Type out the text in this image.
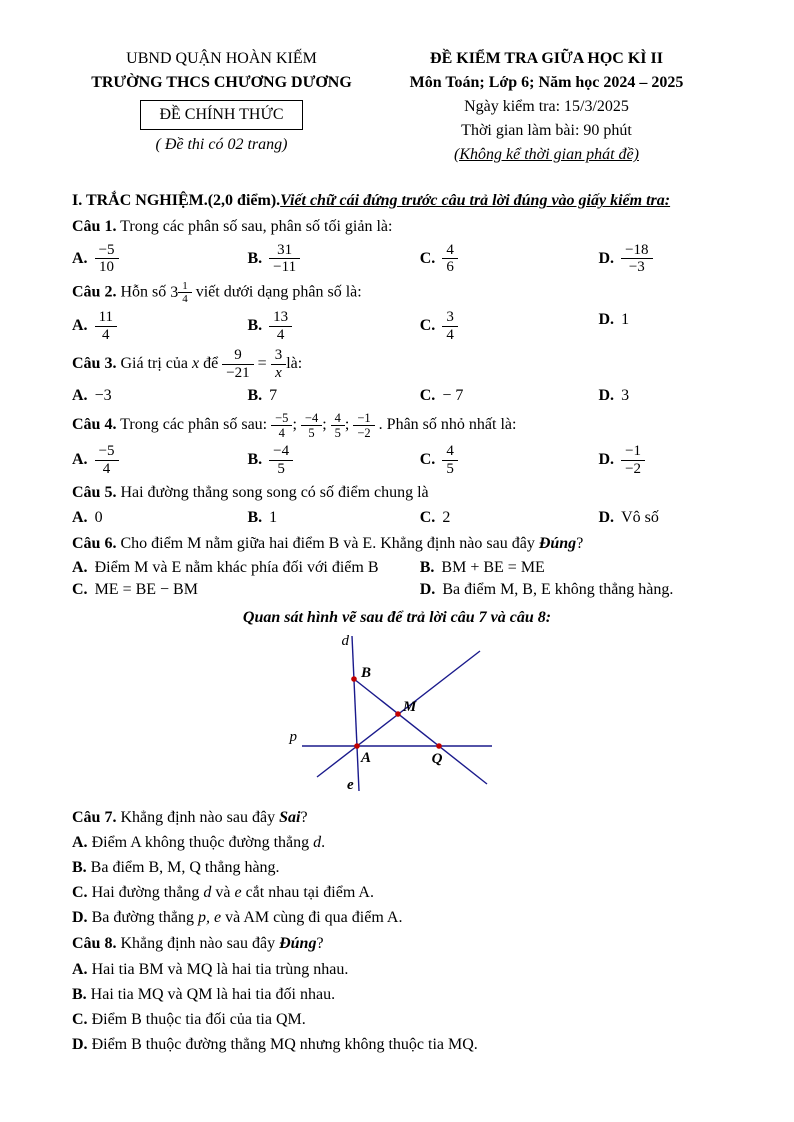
UBND QUẬN HOÀN KIẾM
TRƯỜNG THCS CHƯƠNG DƯƠNG
ĐỀ CHÍNH THỨC
( Đề thi có 02 trang)
ĐỀ KIỂM TRA GIỮA HỌC KÌ II
Môn Toán; Lớp 6; Năm học 2024 – 2025
Ngày kiểm tra: 15/3/2025
Thời gian làm bài: 90 phút
(Không kể thời gian phát đề)

I. TRẮC NGHIỆM.(2,0 điểm).Viết chữ cái đứng trước câu trả lời đúng vào giấy kiểm tra:

Câu 1. Trong các phân số sau, phân số tối giản là:

A. $\frac{-5}{10}$	B. $\frac{31}{-11}$	C. $\frac{4}{6}$	D. $\frac{-18}{-3}$

Câu 2. Hỗn số $3 \frac{1}{4}$ viết dưới dạng phân số là:

A. $\frac{11}{4}$	B. $\frac{13}{4}$	C. $\frac{3}{4}$	D. 1

Câu 3. Giá trị của x để $\frac{9}{-21} = \frac{3}{x}$ là:

A. −3	B. 7	C. − 7	D. 3

Câu 4. Trong các phân số sau: $\frac{-5}{4}$ ; $\frac{-4}{5}$ ; $\frac{4}{5}$ ; $\frac{-1}{-2}$ . Phân số nhỏ nhất là:

A. $\frac{-5}{4}$	B. $\frac{-4}{5}$	C. $\frac{4}{5}$	D. $\frac{-1}{-2}$

Câu 5. Hai đường thẳng song song có số điểm chung là

A. 0	B. 1	C. 2	D. Vô số

Câu 6. Cho điểm M nằm giữa hai điểm B và E. Khẳng định nào sau đây Đúng?

A. Điểm M và E nằm khác phía đối với điểm B	B. BM + BE = ME
C. ME = BE − BM	D. Ba điểm M, B, E không thẳng hàng.

Quan sát hình vẽ sau để trả lời câu 7 và câu 8:

d
B
M
p
A	Q
e

Câu 7. Khẳng định nào sau đây Sai?

A. Điểm A không thuộc đường thẳng d.

B. Ba điểm B, M, Q thẳng hàng.

C. Hai đường thẳng d và e cắt nhau tại điểm A.

D. Ba đường thẳng p, e và AM cùng đi qua điểm A.

Câu 8. Khẳng định nào sau đây Đúng?

A. Hai tia BM và MQ là hai tia trùng nhau.

B. Hai tia MQ và QM là hai tia đối nhau.

C. Điểm B thuộc tia đối của tia QM.

D. Điểm B thuộc đường thẳng MQ nhưng không thuộc tia MQ.
